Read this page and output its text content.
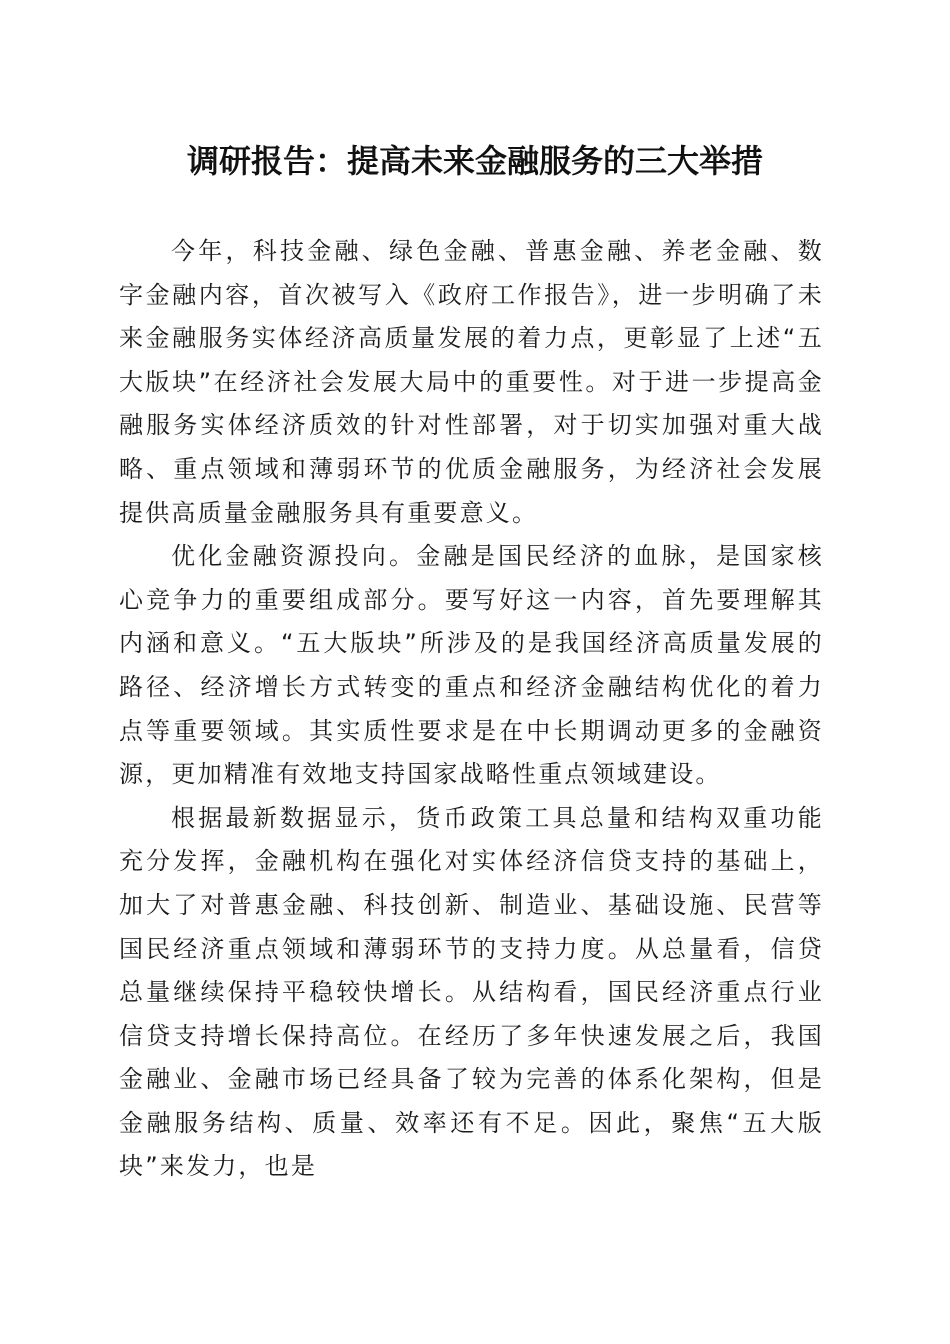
调研报告：提高未来金融服务的三大举措

今年，科技金融、绿色金融、普惠金融、养老金融、数字金融内容，首次被写入《政府工作报告》，进一步明确了未来金融服务实体经济高质量发展的着力点，更彰显了上述“五大版块”在经济社会发展大局中的重要性。对于进一步提高金融服务实体经济质效的针对性部署，对于切实加强对重大战略、重点领域和薄弱环节的优质金融服务，为经济社会发展提供高质量金融服务具有重要意义。

优化金融资源投向。金融是国民经济的血脉，是国家核心竞争力的重要组成部分。要写好这一内容，首先要理解其内涵和意义。“五大版块”所涉及的是我国经济高质量发展的路径、经济增长方式转变的重点和经济金融结构优化的着力点等重要领域。其实质性要求是在中长期调动更多的金融资源，更加精准有效地支持国家战略性重点领域建设。

根据最新数据显示，货币政策工具总量和结构双重功能充分发挥，金融机构在强化对实体经济信贷支持的基础上，加大了对普惠金融、科技创新、制造业、基础设施、民营等国民经济重点领域和薄弱环节的支持力度。从总量看，信贷总量继续保持平稳较快增长。从结构看，国民经济重点行业信贷支持增长保持高位。在经历了多年快速发展之后，我国金融业、金融市场已经具备了较为完善的体系化架构，但是金融服务结构、质量、效率还有不足。因此，聚焦“五大版块”来发力，也是
